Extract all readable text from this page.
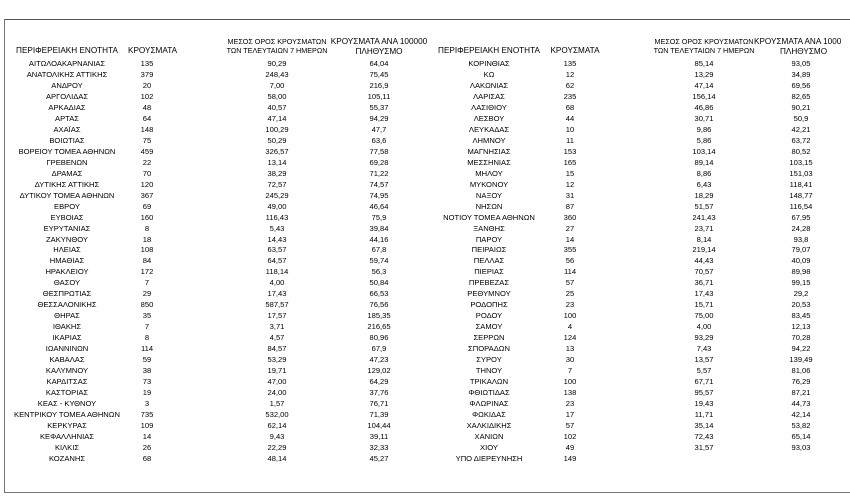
ΠΕΡΙΦΕΡΕΙΑΚΗ ΕΝΟΤΗΤΑ	ΚΡΟΥΣΜΑΤΑ
ΜΕΣΟΣ ΟΡΟΣ ΚΡΟΥΣΜΑΤΩΝ
ΤΩΝ ΤΕΛΕΥΤΑΙΩΝ 7 ΗΜΕΡΩΝ
ΚΡΟΥΣΜΑΤΑ ΑΝΑ 100000
ΠΛΗΘΥΣΜΟ	ΠΕΡΙΦΕΡΕΙΑΚΗ ΕΝΟΤΗΤΑ	ΚΡΟΥΣΜΑΤΑ
ΜΕΣΟΣ ΟΡΟΣ ΚΡΟΥΣΜΑΤΩΝ
ΤΩΝ ΤΕΛΕΥΤΑΙΩΝ 7 ΗΜΕΡΩΝ
ΚΡΟΥΣΜΑΤΑ ΑΝΑ 1000
ΠΛΗΘΥΣΜΟ
ΑΙΤΩΛΟΑΚΑΡΝΑΝΙΑΣ	135	90,29	64,04	ΚΟΡΙΝΘΙΑΣ	135	85,14	93,05
ΑΝΑΤΟΛΙΚΗΣ ΑΤΤΙΚΗΣ	379	248,43	75,45	ΚΩ	12	13,29	34,89
ΑΝΔΡΟΥ	20	7,00	216,9	ΛΑΚΩΝΙΑΣ	62	47,14	69,56
ΑΡΓΟΛΙΔΑΣ	102	58,00	105,11	ΛΑΡΙΣΑΣ	235	156,14	82,65
ΑΡΚΑΔΙΑΣ	48	40,57	55,37	ΛΑΣΙΘΙΟΥ	68	46,86	90,21
ΑΡΤΑΣ	64	47,14	94,29	ΛΕΣΒΟΥ	44	30,71	50,9
ΑΧΑΪΑΣ	148	100,29	47,7	ΛΕΥΚΑΔΑΣ	10	9,86	42,21
ΒΟΙΩΤΙΑΣ	75	50,29	63,6	ΛΗΜΝΟΥ	11	5,86	63,72
ΒΟΡΕΙΟΥ ΤΟΜΕΑ ΑΘΗΝΩΝ	459	326,57	77,58	ΜΑΓΝΗΣΙΑΣ	153	103,14	80,52
ΓΡΕΒΕΝΩΝ	22	13,14	69,28	ΜΕΣΣΗΝΙΑΣ	165	89,14	103,15
ΔΡΑΜΑΣ	70	38,29	71,22	ΜΗΛΟΥ	15	8,86	151,03
ΔΥΤΙΚΗΣ ΑΤΤΙΚΗΣ	120	72,57	74,57	ΜΥΚΟΝΟΥ	12	6,43	118,41
ΔΥΤΙΚΟΥ ΤΟΜΕΑ ΑΘΗΝΩΝ	367	245,29	74,95	ΝΑΞΟΥ	31	18,29	148,77
ΕΒΡΟΥ	69	49,00	46,64	ΝΗΣΩΝ	87	51,57	116,54
ΕΥΒΟΙΑΣ	160	116,43	75,9	ΝΟΤΙΟΥ ΤΟΜΕΑ ΑΘΗΝΩΝ	360	241,43	67,95
ΕΥΡΥΤΑΝΙΑΣ	8	5,43	39,84	ΞΑΝΘΗΣ	27	23,71	24,28
ΖΑΚΥΝΘΟΥ	18	14,43	44,16	ΠΑΡΟΥ	14	8,14	93,8
ΗΛΕΙΑΣ	108	63,57	67,8	ΠΕΙΡΑΙΩΣ	355	219,14	79,07
ΗΜΑΘΙΑΣ	84	64,57	59,74	ΠΕΛΛΑΣ	56	44,43	40,09
ΗΡΑΚΛΕΙΟΥ	172	118,14	56,3	ΠΙΕΡΙΑΣ	114	70,57	89,98
ΘΑΣΟΥ	7	4,00	50,84	ΠΡΕΒΕΖΑΣ	57	36,71	99,15
ΘΕΣΠΡΩΤΙΑΣ	29	17,43	66,53	ΡΕΘΥΜΝΟΥ	25	17,43	29,2
ΘΕΣΣΑΛΟΝΙΚΗΣ	850	587,57	76,56	ΡΟΔΟΠΗΣ	23	15,71	20,53
ΘΗΡΑΣ	35	17,57	185,35	ΡΟΔΟΥ	100	75,00	83,45
ΙΘΑΚΗΣ	7	3,71	216,65	ΣΑΜΟΥ	4	4,00	12,13
ΙΚΑΡΙΑΣ	8	4,57	80,96	ΣΕΡΡΩΝ	124	93,29	70,28
ΙΩΑΝΝΙΝΩΝ	114	84,57	67,9	ΣΠΟΡΑΔΩΝ	13	7,43	94,22
ΚΑΒΑΛΑΣ	59	53,29	47,23	ΣΥΡΟΥ	30	13,57	139,49
ΚΑΛΥΜΝΟΥ	38	19,71	129,02	ΤΗΝΟΥ	7	5,57	81,06
ΚΑΡΔΙΤΣΑΣ	73	47,00	64,29	ΤΡΙΚΑΛΩΝ	100	67,71	76,29
ΚΑΣΤΟΡΙΑΣ	19	24,00	37,76	ΦΘΙΩΤΙΔΑΣ	138	95,57	87,21
ΚΕΑΣ - ΚΥΘΝΟΥ	3	1,57	76,71	ΦΛΩΡΙΝΑΣ	23	19,43	44,73
ΚΕΝΤΡΙΚΟΥ ΤΟΜΕΑ ΑΘΗΝΩΝ	735	532,00	71,39	ΦΩΚΙΔΑΣ	17	11,71	42,14
ΚΕΡΚΥΡΑΣ	109	62,14	104,44	ΧΑΛΚΙΔΙΚΗΣ	57	35,14	53,82
ΚΕΦΑΛΛΗΝΙΑΣ	14	9,43	39,11	ΧΑΝΙΩΝ	102	72,43	65,14
ΚΙΛΚΙΣ	26	22,29	32,33	ΧΙΟΥ	49	31,57	93,03
ΚΟΖΑΝΗΣ	68	48,14	45,27	ΥΠΟ ΔΙΕΡΕΥΝΗΣΗ	149
